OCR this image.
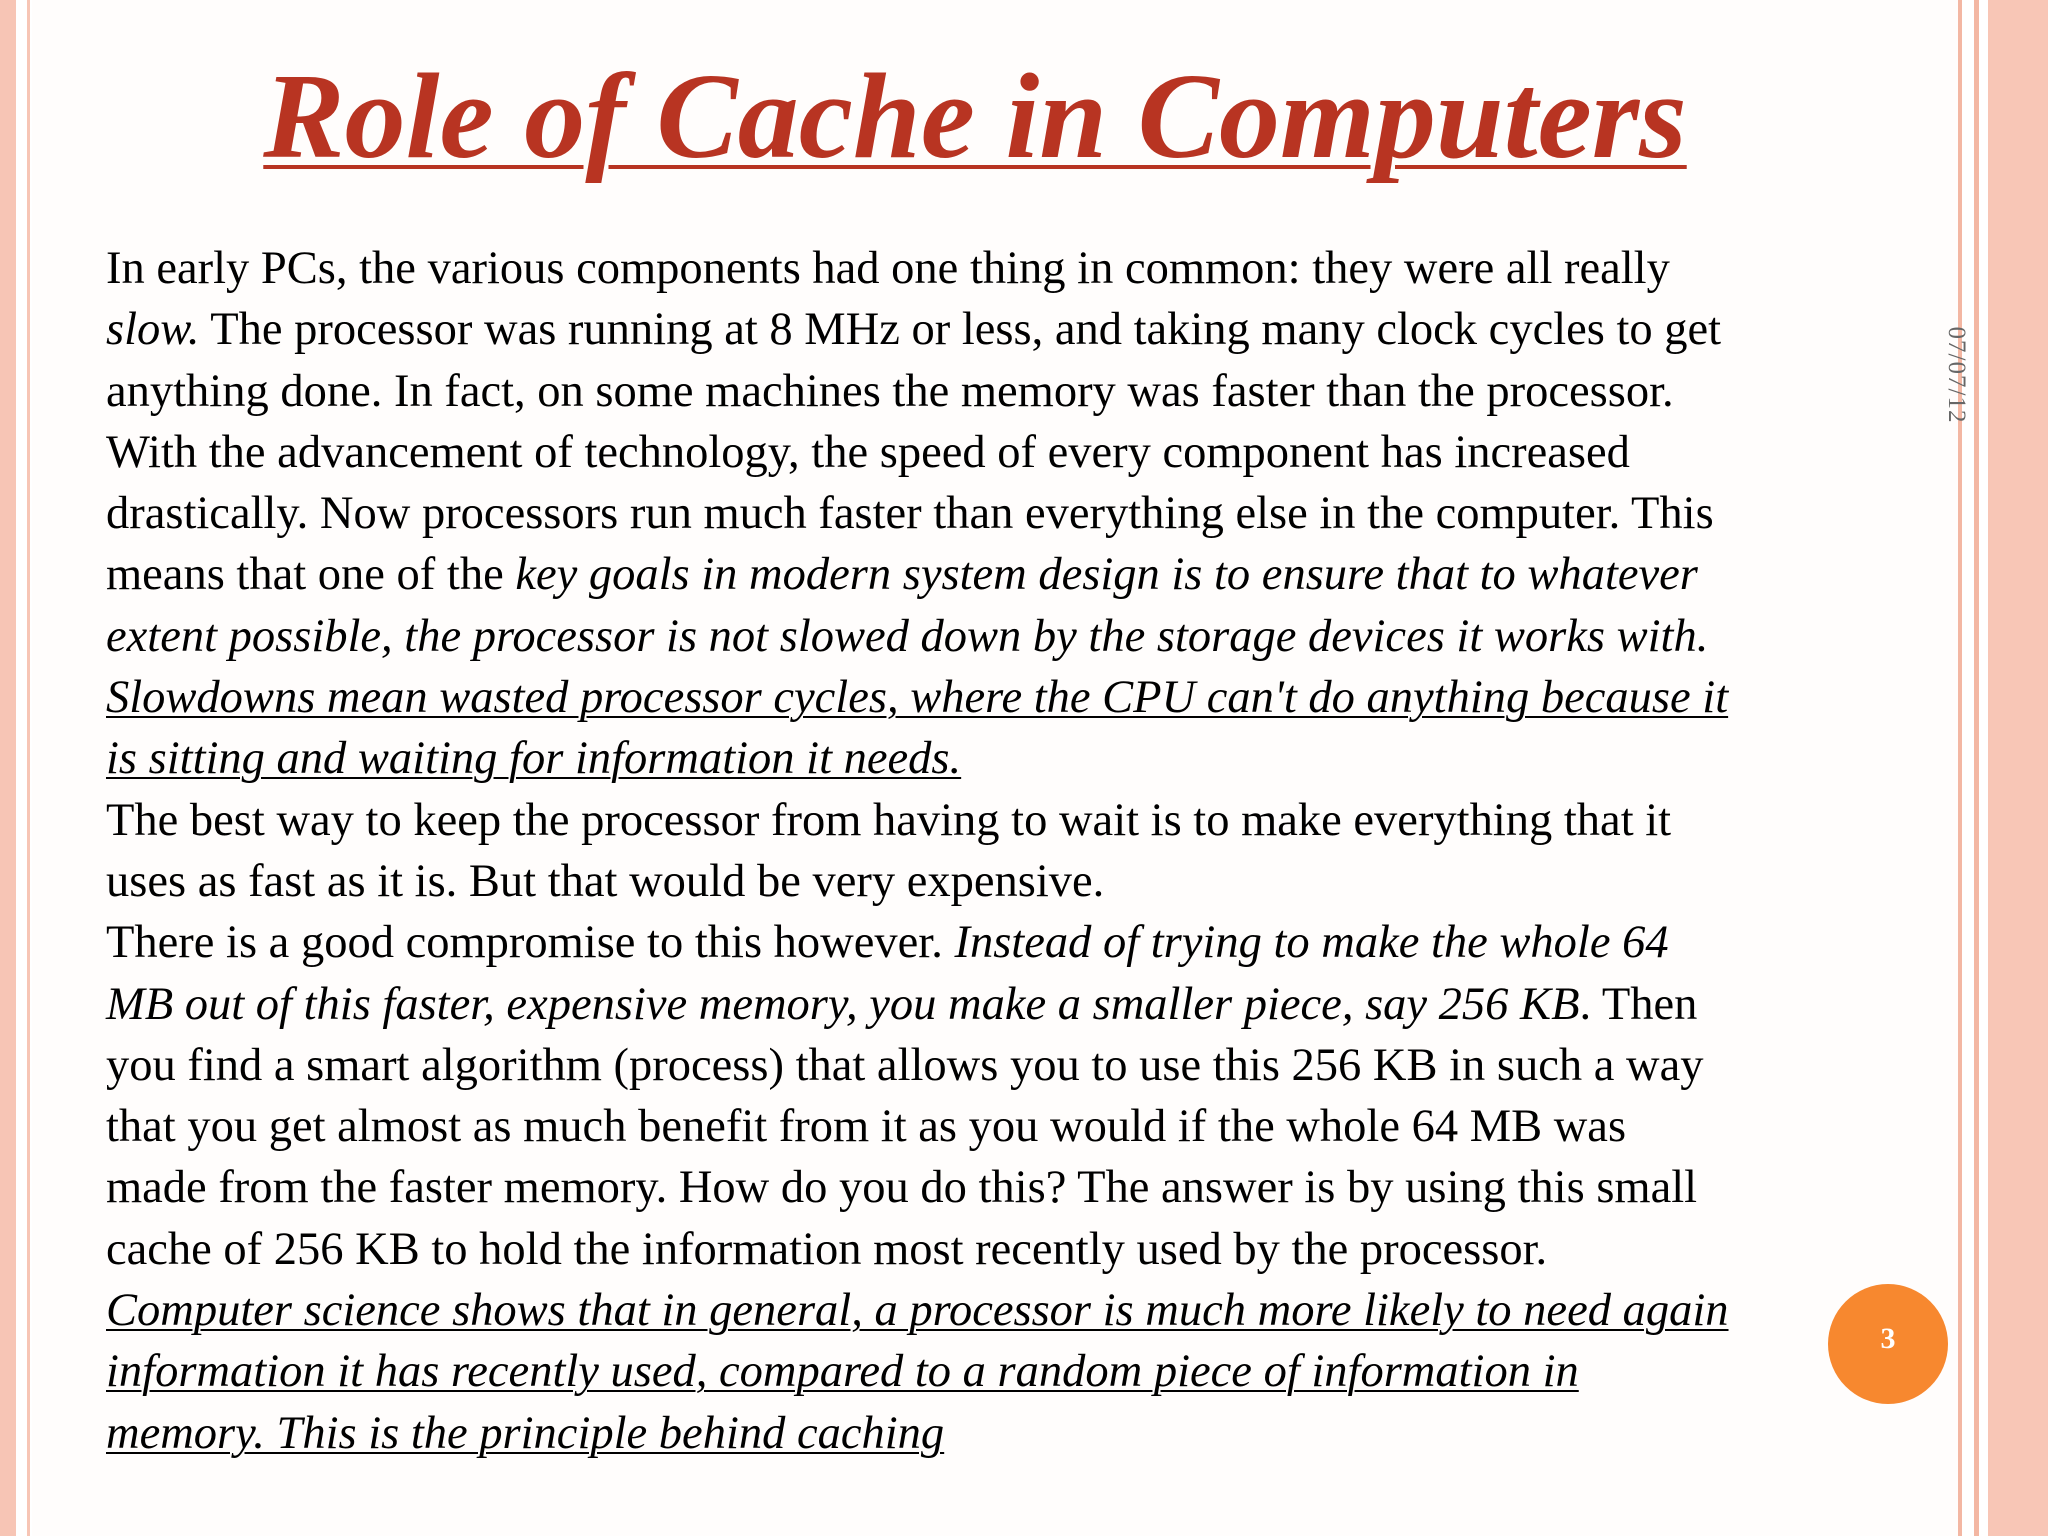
Role of Cache in Computers
In early PCs, the various components had one thing in common: they were all really
slow. The processor was running at 8 MHz or less, and taking many clock cycles to get
anything done. In fact, on some machines the memory was faster than the processor.
With the advancement of technology, the speed of every component has increased
drastically. Now processors run much faster than everything else in the computer. This
means that one of the key goals in modern system design is to ensure that to whatever
extent possible, the processor is not slowed down by the storage devices it works with.
Slowdowns mean wasted processor cycles, where the CPU can't do anything because it
is sitting and waiting for information it needs.
The best way to keep the processor from having to wait is to make everything that it
uses as fast as it is. But that would be very expensive.
There is a good compromise to this however. Instead of trying to make the whole 64
MB out of this faster, expensive memory, you make a smaller piece, say 256 KB. Then
you find a smart algorithm (process) that allows you to use this 256 KB in such a way
that you get almost as much benefit from it as you would if the whole 64 MB was
made from the faster memory. How do you do this? The answer is by using this small
cache of 256 KB to hold the information most recently used by the processor.
Computer science shows that in general, a processor is much more likely to need again
information it has recently used, compared to a random piece of information in
memory. This is the principle behind caching
07/07/12
3
